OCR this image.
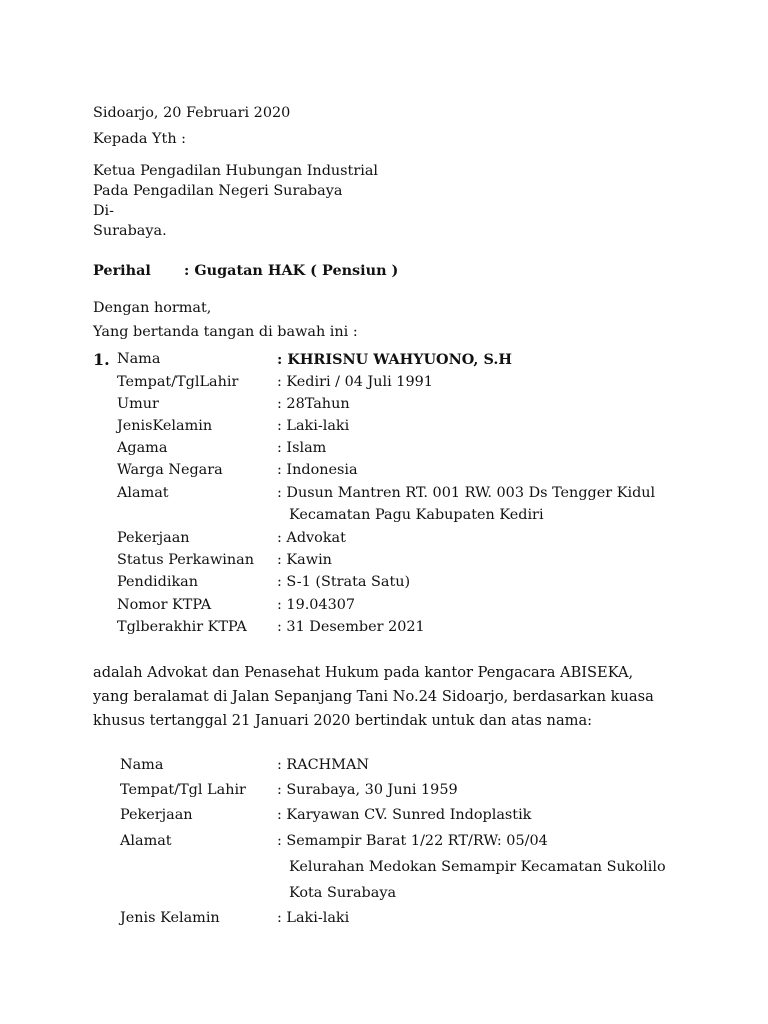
Sidoarjo, 20 Februari 2020
Kepada Yth :
Ketua Pengadilan Hubungan Industrial
Pada Pengadilan Negeri Surabaya
Di-
Surabaya.
Perihal : Gugatan HAK ( Pensiun )
Dengan hormat,
Yang bertanda tangan di bawah ini :
1. Nama	: KHRISNU WAHYUONO, S.H
Tempat/TglLahir	: Kediri / 04 Juli 1991
Umur	: 28Tahun
JenisKelamin	: Laki-laki
Agama	: Islam
Warga Negara	: Indonesia
Alamat	: Dusun Mantren RT. 001 RW. 003 Ds Tengger Kidul
Kecamatan Pagu Kabupaten Kediri
Pekerjaan	: Advokat
Status Perkawinan : Kawin
Pendidikan	: S-1 (Strata Satu)
Nomor KTPA	: 19.04307
Tglberakhir KTPA : 31 Desember 2021
adalah Advokat dan Penasehat Hukum pada kantor Pengacara ABISEKA,
yang beralamat di Jalan Sepanjang Tani No.24 Sidoarjo, berdasarkan kuasa
khusus tertanggal 21 Januari 2020 bertindak untuk dan atas nama:
Nama	: RACHMAN
Tempat/Tgl Lahir : Surabaya, 30 Juni 1959
Pekerjaan	: Karyawan CV. Sunred Indoplastik
Alamat	: Semampir Barat 1/22 RT/RW: 05/04
Kelurahan Medokan Semampir Kecamatan Sukolilo
Kota Surabaya
Jenis Kelamin	: Laki-laki
